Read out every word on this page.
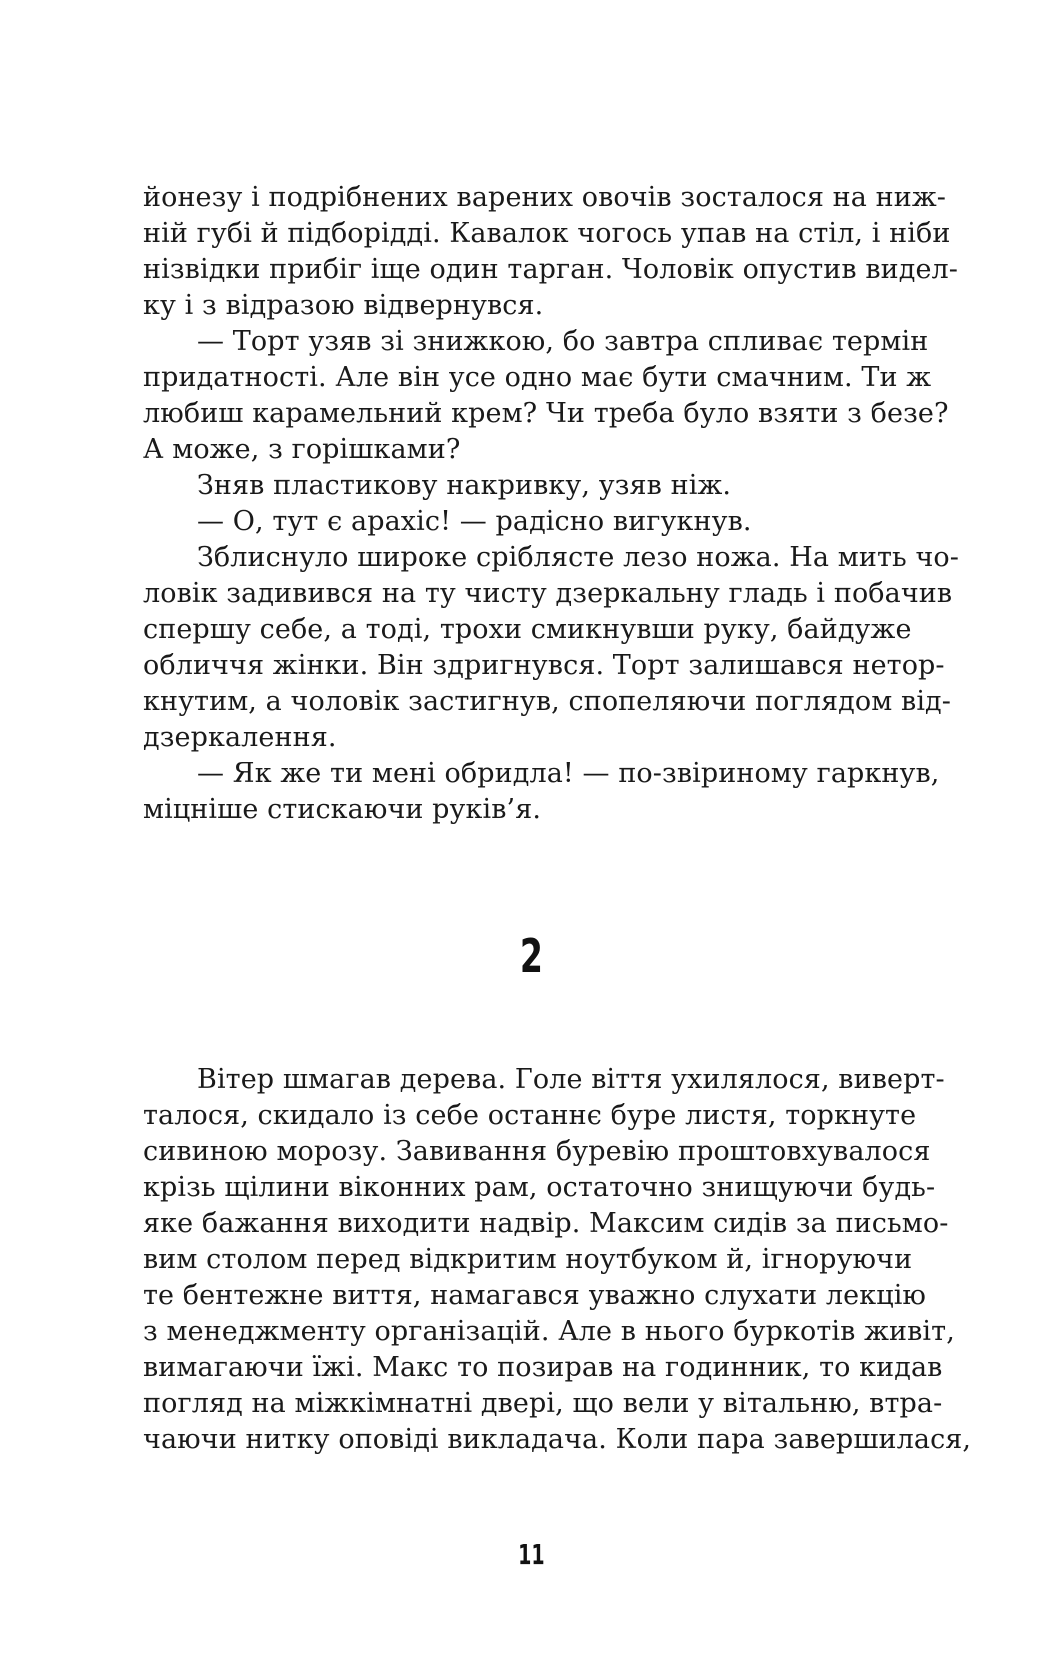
йонезу і подрібнених варених овочів зосталося на ниж-
ній губі й підборідді. Кавалок чогось упав на стіл, і ніби
нізвідки прибіг іще один тарган. Чоловік опустив видел-
ку і з відразою відвернувся.
— Торт узяв зі знижкою, бо завтра спливає термін
придатності. Але він усе одно має бути смачним. Ти ж
любиш карамельний крем? Чи треба було взяти з безе?
А може, з горішками?
Зняв пластикову накривку, узяв ніж.
— О, тут є арахіс! — радісно вигукнув.
Зблиснуло широке сріблясте лезо ножа. На мить чо-
ловік задивився на ту чисту дзеркальну гладь і побачив
спершу себе, а тоді, трохи смикнувши руку, байдуже
обличчя жінки. Він здригнувся. Торт залишався нетор-
кнутим, а чоловік застигнув, спопеляючи поглядом від-
дзеркалення.
— Як же ти мені обридла! — по-звіриному гаркнув,
міцніше стискаючи руків’я.
2
Вітер шмагав дерева. Голе віття ухилялося, виверт-
талося, скидало із себе останнє буре листя, торкнуте
сивиною морозу. Завивання буревію проштовхувалося
крізь щілини віконних рам, остаточно знищуючи будь-
яке бажання виходити надвір. Максим сидів за письмо-
вим столом перед відкритим ноутбуком й, ігноруючи
те бентежне виття, намагався уважно слухати лекцію
з менеджменту організацій. Але в нього буркотів живіт,
вимагаючи їжі. Макс то позирав на годинник, то кидав
погляд на міжкімнатні двері, що вели у вітальню, втра-
чаючи нитку оповіді викладача. Коли пара завершилася,
11
